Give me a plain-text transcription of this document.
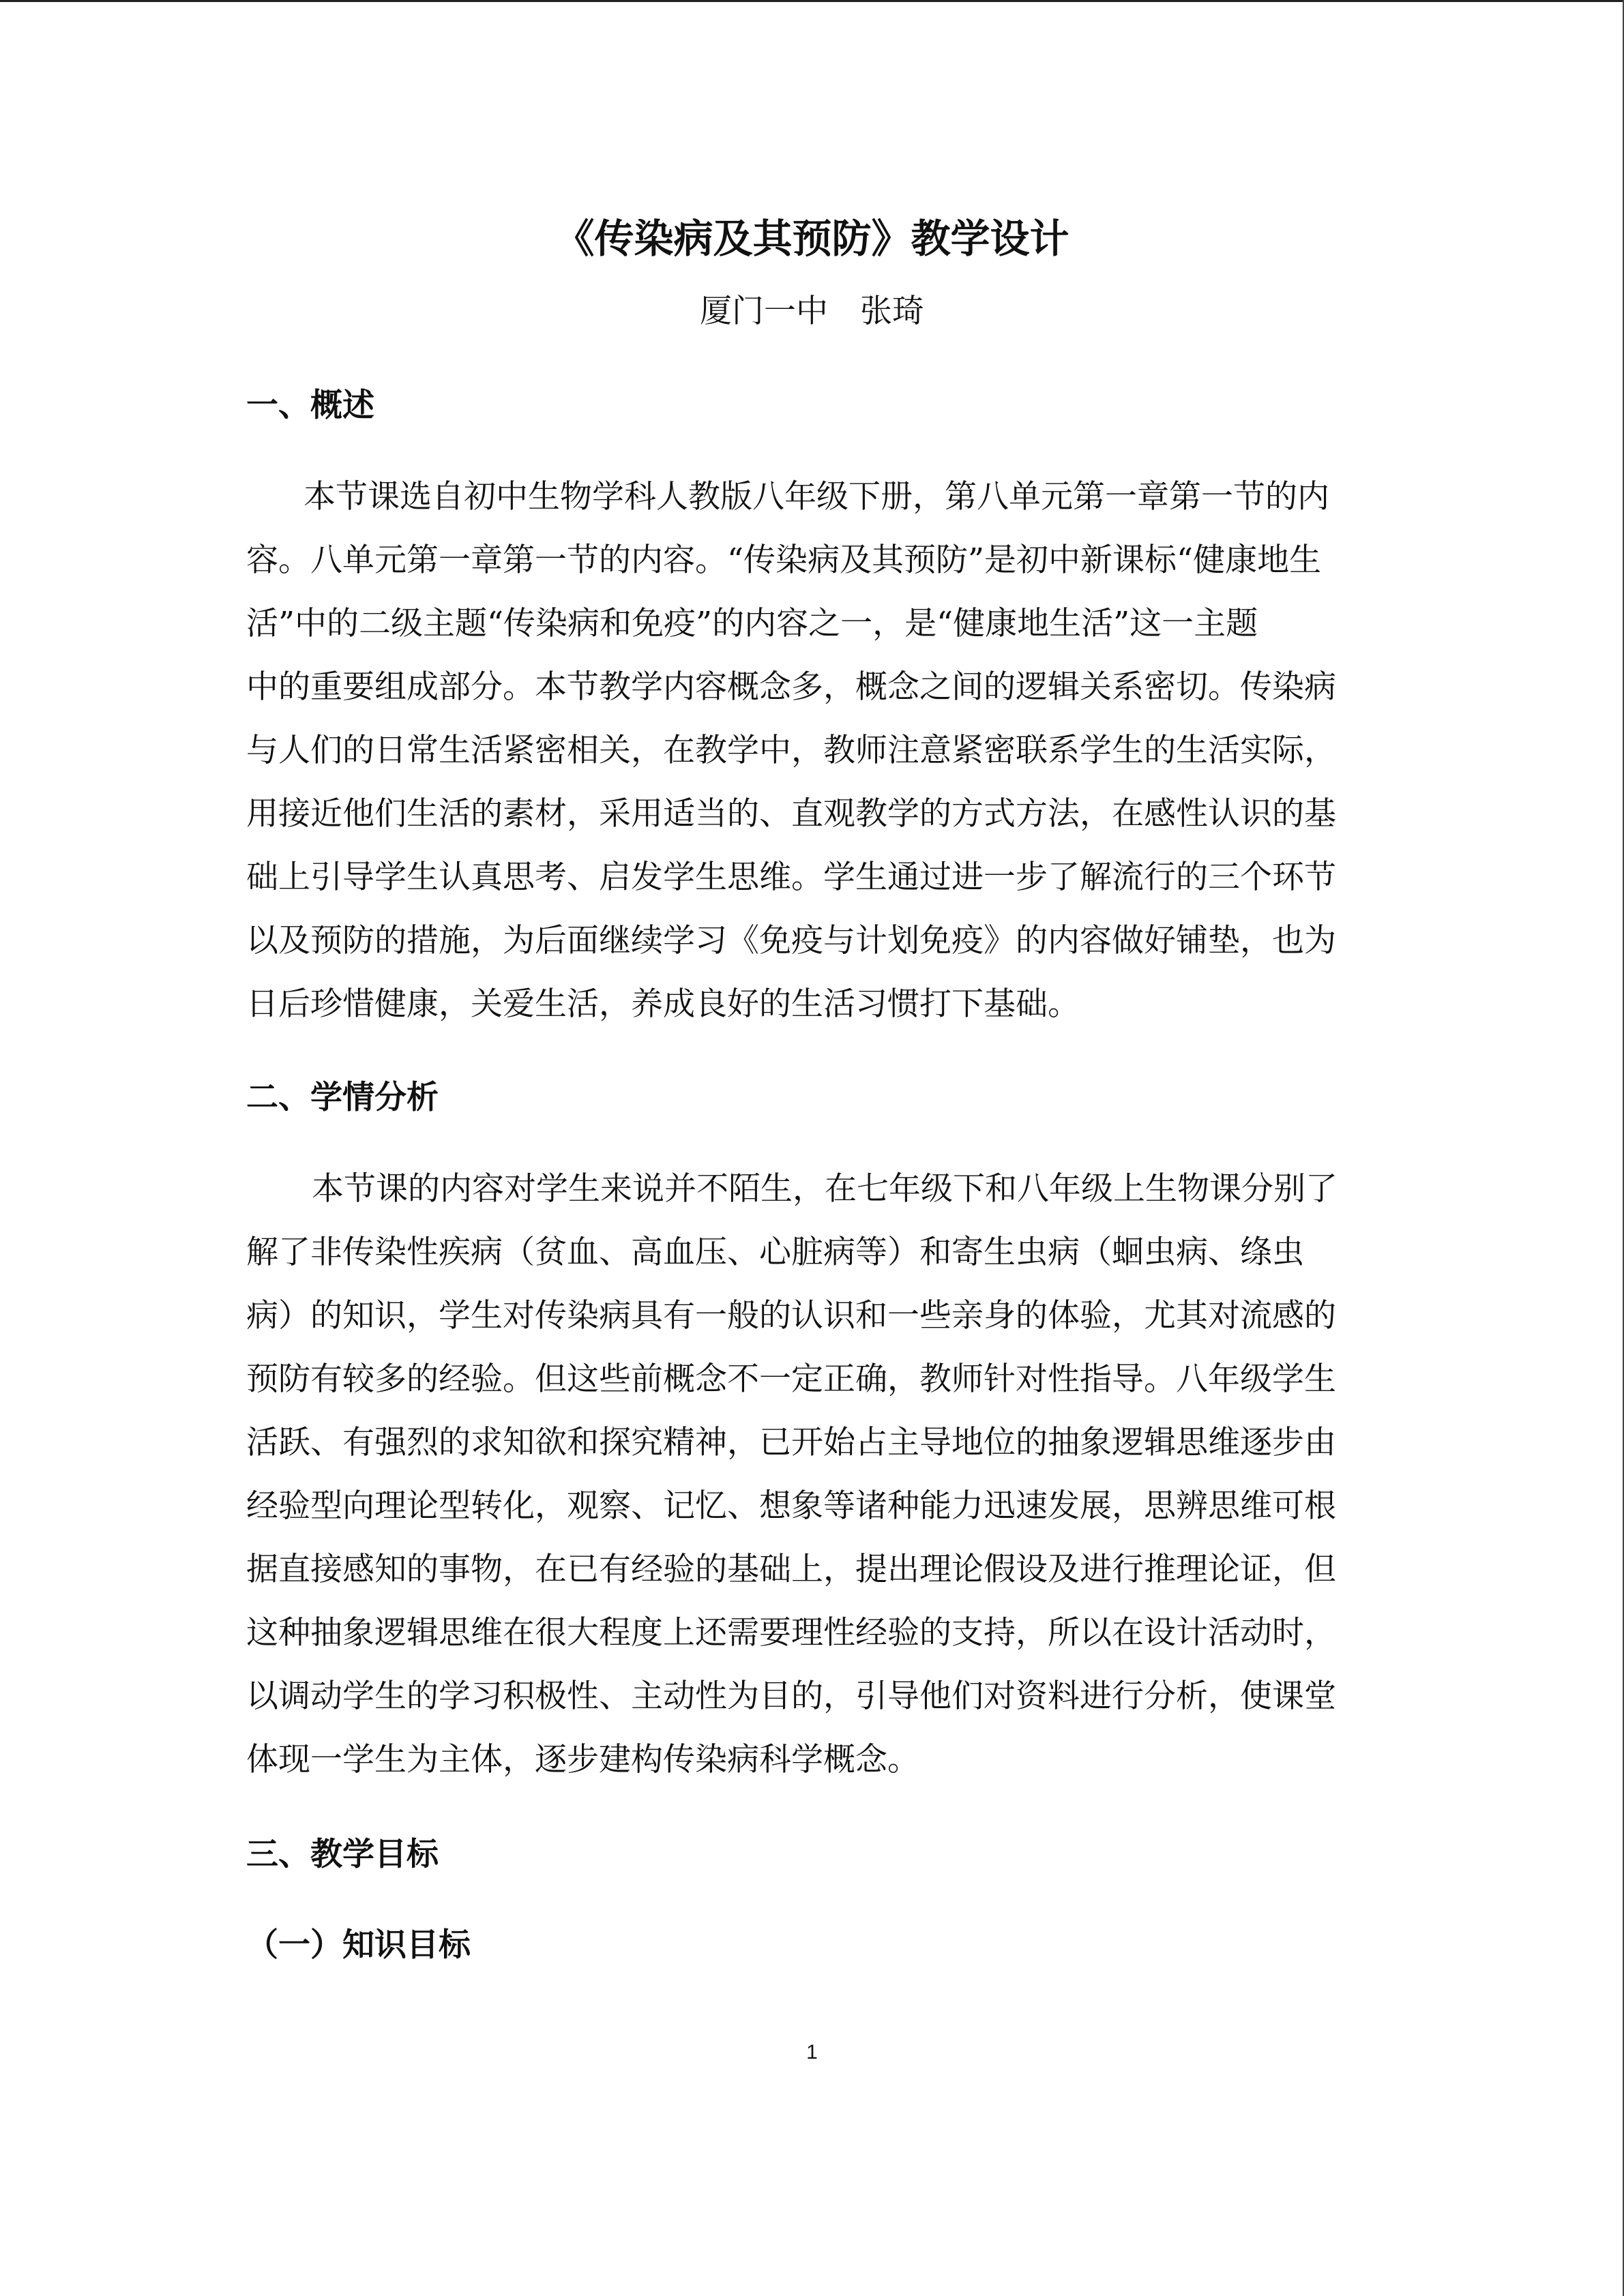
《传染病及其预防》教学设计
厦门一中　张琦
一、概述
本节课选自初中生物学科人教版八年级下册，第八单元第一章第一节的内
容。八单元第一章第一节的内容。“传染病及其预防”是初中新课标“健康地生
活”中的二级主题“传染病和免疫”的内容之一，是“健康地生活”这一主题
中的重要组成部分。本节教学内容概念多，概念之间的逻辑关系密切。传染病
与人们的日常生活紧密相关，在教学中，教师注意紧密联系学生的生活实际，
用接近他们生活的素材，采用适当的、直观教学的方式方法，在感性认识的基
础上引导学生认真思考、启发学生思维。学生通过进一步了解流行的三个环节
以及预防的措施，为后面继续学习《免疫与计划免疫》的内容做好铺垫，也为
日后珍惜健康，关爱生活，养成良好的生活习惯打下基础。
二、学情分析
本节课的内容对学生来说并不陌生，在七年级下和八年级上生物课分别了
解了非传染性疾病（贫血、高血压、心脏病等）和寄生虫病（蛔虫病、绦虫
病）的知识，学生对传染病具有一般的认识和一些亲身的体验，尤其对流感的
预防有较多的经验。但这些前概念不一定正确，教师针对性指导。八年级学生
活跃、有强烈的求知欲和探究精神，已开始占主导地位的抽象逻辑思维逐步由
经验型向理论型转化，观察、记忆、想象等诸种能力迅速发展，思辨思维可根
据直接感知的事物，在已有经验的基础上，提出理论假设及进行推理论证，但
这种抽象逻辑思维在很大程度上还需要理性经验的支持，所以在设计活动时，
以调动学生的学习积极性、主动性为目的，引导他们对资料进行分析，使课堂
体现一学生为主体，逐步建构传染病科学概念。
三、教学目标
（一）知识目标
1
